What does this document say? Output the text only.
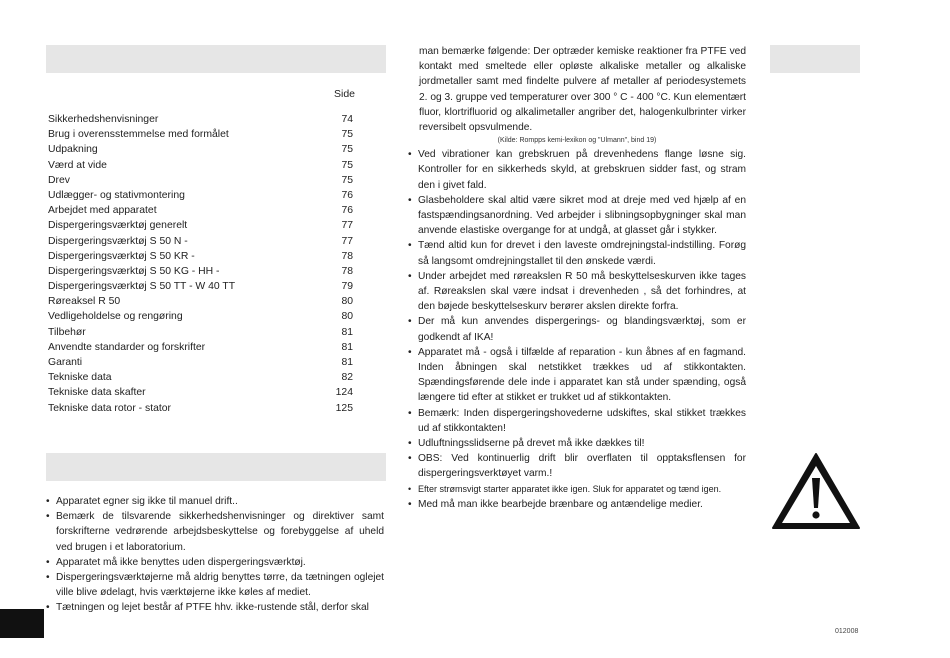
Side
Sikkerhedshenvisninger	74
Brug i overensstemmelse med formålet	75
Udpakning	75
Værd at vide	75
Drev	75
Udlægger- og stativmontering	76
Arbejdet med apparatet	76
Dispergeringsværktøj generelt	77
Dispergeringsværktøj S 50 N -	77
Dispergeringsværktøj S 50 KR -	78
Dispergeringsværktøj S 50 KG - HH -	78
Dispergeringsværktøj S 50 TT - W 40 TT	79
Røreaksel R 50	80
Vedligeholdelse og rengøring	80
Tilbehør	81
Anvendte standarder og forskrifter	81
Garanti	81
Tekniske data	82
Tekniske data skafter	124
Tekniske data rotor - stator	125
• Apparatet egner sig ikke til manuel drift..
• Bemærk de tilsvarende sikkerhedshenvisninger og direktiver samt forskrifterne vedrørende arbejdsbeskyttelse og forebyggelse af uheld ved brugen i et laboratorium.
• Apparatet må ikke benyttes uden dispergeringsværktøj.
• Dispergeringsværktøjerne må aldrig benyttes tørre, da tætningen oglejet ville blive ødelagt, hvis værktøjerne ikke køles af mediet.
• Tætningen og lejet består af PTFE hhv. ikke-rustende stål, derfor skal

man bemærke følgende: Der optræder kemiske reaktioner fra PTFE ved kontakt med smeltede eller opløste alkaliske metaller og alkaliske jordmetaller samt med findelte pulvere af metaller af periodesystemets 2. og 3. gruppe ved temperaturer over 300 ° C - 400 °C. Kun elementært fluor, klortrifluorid og alkalimetaller angriber det, halogenkulbrinter virker reversibelt opsvulmende.

(Kilde: Rompps kemi-lexikon og "Ulmann", bind 19)

• Ved vibrationer kan grebskruen på drevenhedens flange løsne sig. Kontroller for en sikkerheds skyld, at grebskruen sidder fast, og stram den i givet fald.
• Glasbeholdere skal altid være sikret mod at dreje med ved hjælp af en fastspændingsanordning. Ved arbejder i slibningsopbygninger skal man anvende elastiske overgange for at undgå, at glasset går i stykker.
• Tænd altid kun for drevet i den laveste omdrejningstal-indstilling. Forøg så langsomt omdrejningstallet til den ønskede værdi.
• Under arbejdet med røreakslen R 50 må beskyttelseskurven ikke tages af. Røreakslen skal være indsat i drevenheden , så det forhindres, at den bøjede beskyttelseskurv berører akslen direkte forfra.
• Der må kun anvendes dispergerings- og blandingsværktøj, som er godkendt af IKA!
• Apparatet må - også i tilfælde af reparation - kun åbnes af en fagmand. Inden åbningen skal netstikket trækkes ud af stikkontakten. Spændingsførende dele inde i apparatet kan stå under spænding, også længere tid efter at stikket er trukket ud af stikkontakten.
• Bemærk: Inden dispergeringshovederne udskiftes, skal stikket trækkes ud af stikkontakten!
• Udluftningsslidserne på drevet må ikke dækkes til!
• OBS: Ved kontinuerlig drift blir overflaten til opptaksflensen for dispergeringsverktøyet varm.!
• Efter strømsvigt starter apparatet ikke igen. Sluk for apparatet og tænd igen.
• Med må man ikke bearbejde brænbare og antændelige medier.
012008
